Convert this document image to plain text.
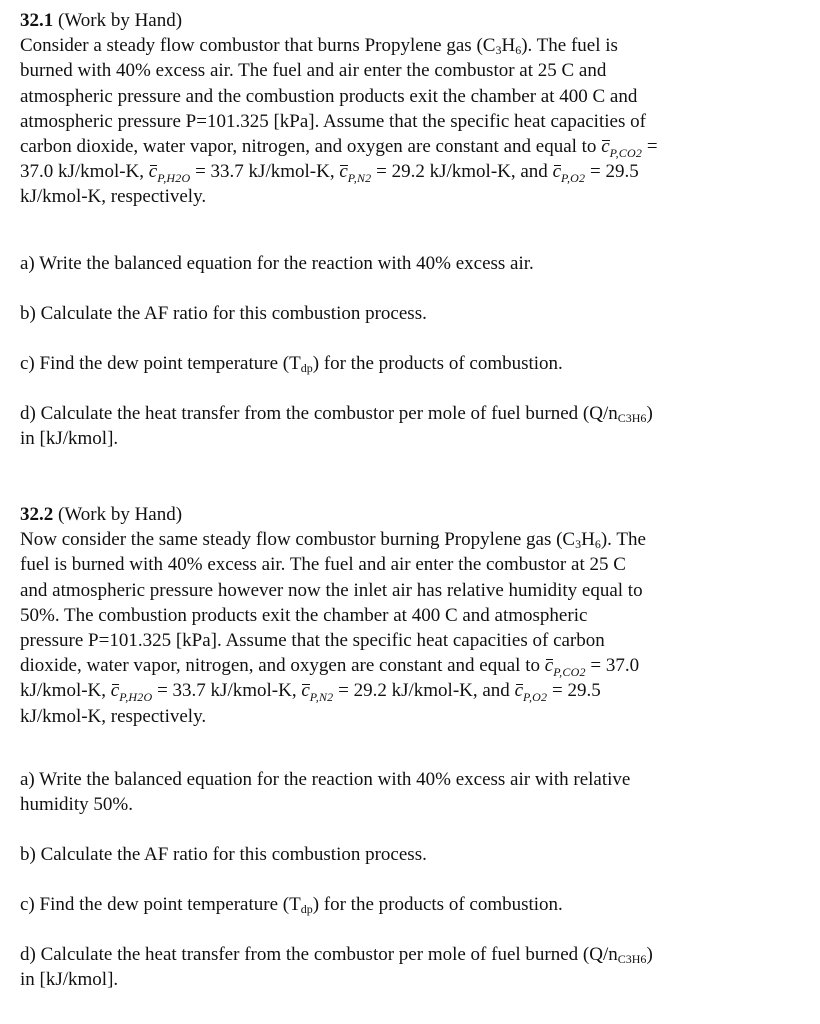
32.1 (Work by Hand)
Consider a steady flow combustor that burns Propylene gas $(C_3H_6)$. The fuel is
burned with 40% excess air. The fuel and air enter the combustor at 25 C and
atmospheric pressure and the combustion products exit the chamber at 400 C and
atmospheric pressure P=101.325 [kPa]. Assume that the specific heat capacities of
carbon dioxide, water vapor, nitrogen, and oxygen are constant and equal to $c_{P,CO2}$ =
37.0 kJ/kmol-K, $c_{P,H2O} = 33.7$ kJ/kmol-K, $c_{P,N2} = 29.2$ kJ/kmol-K, and $c_{P,O2} = 29.5$
kJ/kmol-K, respectively.
a) Write the balanced equation for the reaction with 40% excess air.
b) Calculate the AF ratio for this combustion process.
c) Find the dew point temperature (Tdp) for the products of combustion.
d) Calculate the heat transfer from the combustor per mole of fuel burned (Q/nC3H6)
in [kJ/kmol].
32.2 (Work by Hand)
Now consider the same steady flow combustor burning Propylene gas $(C_3H_6)$. The
fuel is burned with 40% excess air. The fuel and air enter the combustor at 25 C
and atmospheric pressure however now the inlet air has relative humidity equal to
50%. The combustion products exit the chamber at 400 C and atmospheric
pressure P=101.325 [kPa]. Assume that the specific heat capacities of carbon
dioxide, water vapor, nitrogen, and oxygen are constant and equal to $c_{P,CO2} = 37.0$
kJ/kmol-K, $c_{P,H2O} = 33.7$ kJ/kmol-K, $c_{P,N2} = 29.2$ kJ/kmol-K, and $c_{P,O2} = 29.5$
kJ/kmol-K, respectively.
a) Write the balanced equation for the reaction with 40% excess air with relative
humidity 50%.
b) Calculate the AF ratio for this combustion process.
c) Find the dew point temperature (Tdp) for the products of combustion.
d) Calculate the heat transfer from the combustor per mole of fuel burned (Q/nC3H6)
in [kJ/kmol].
